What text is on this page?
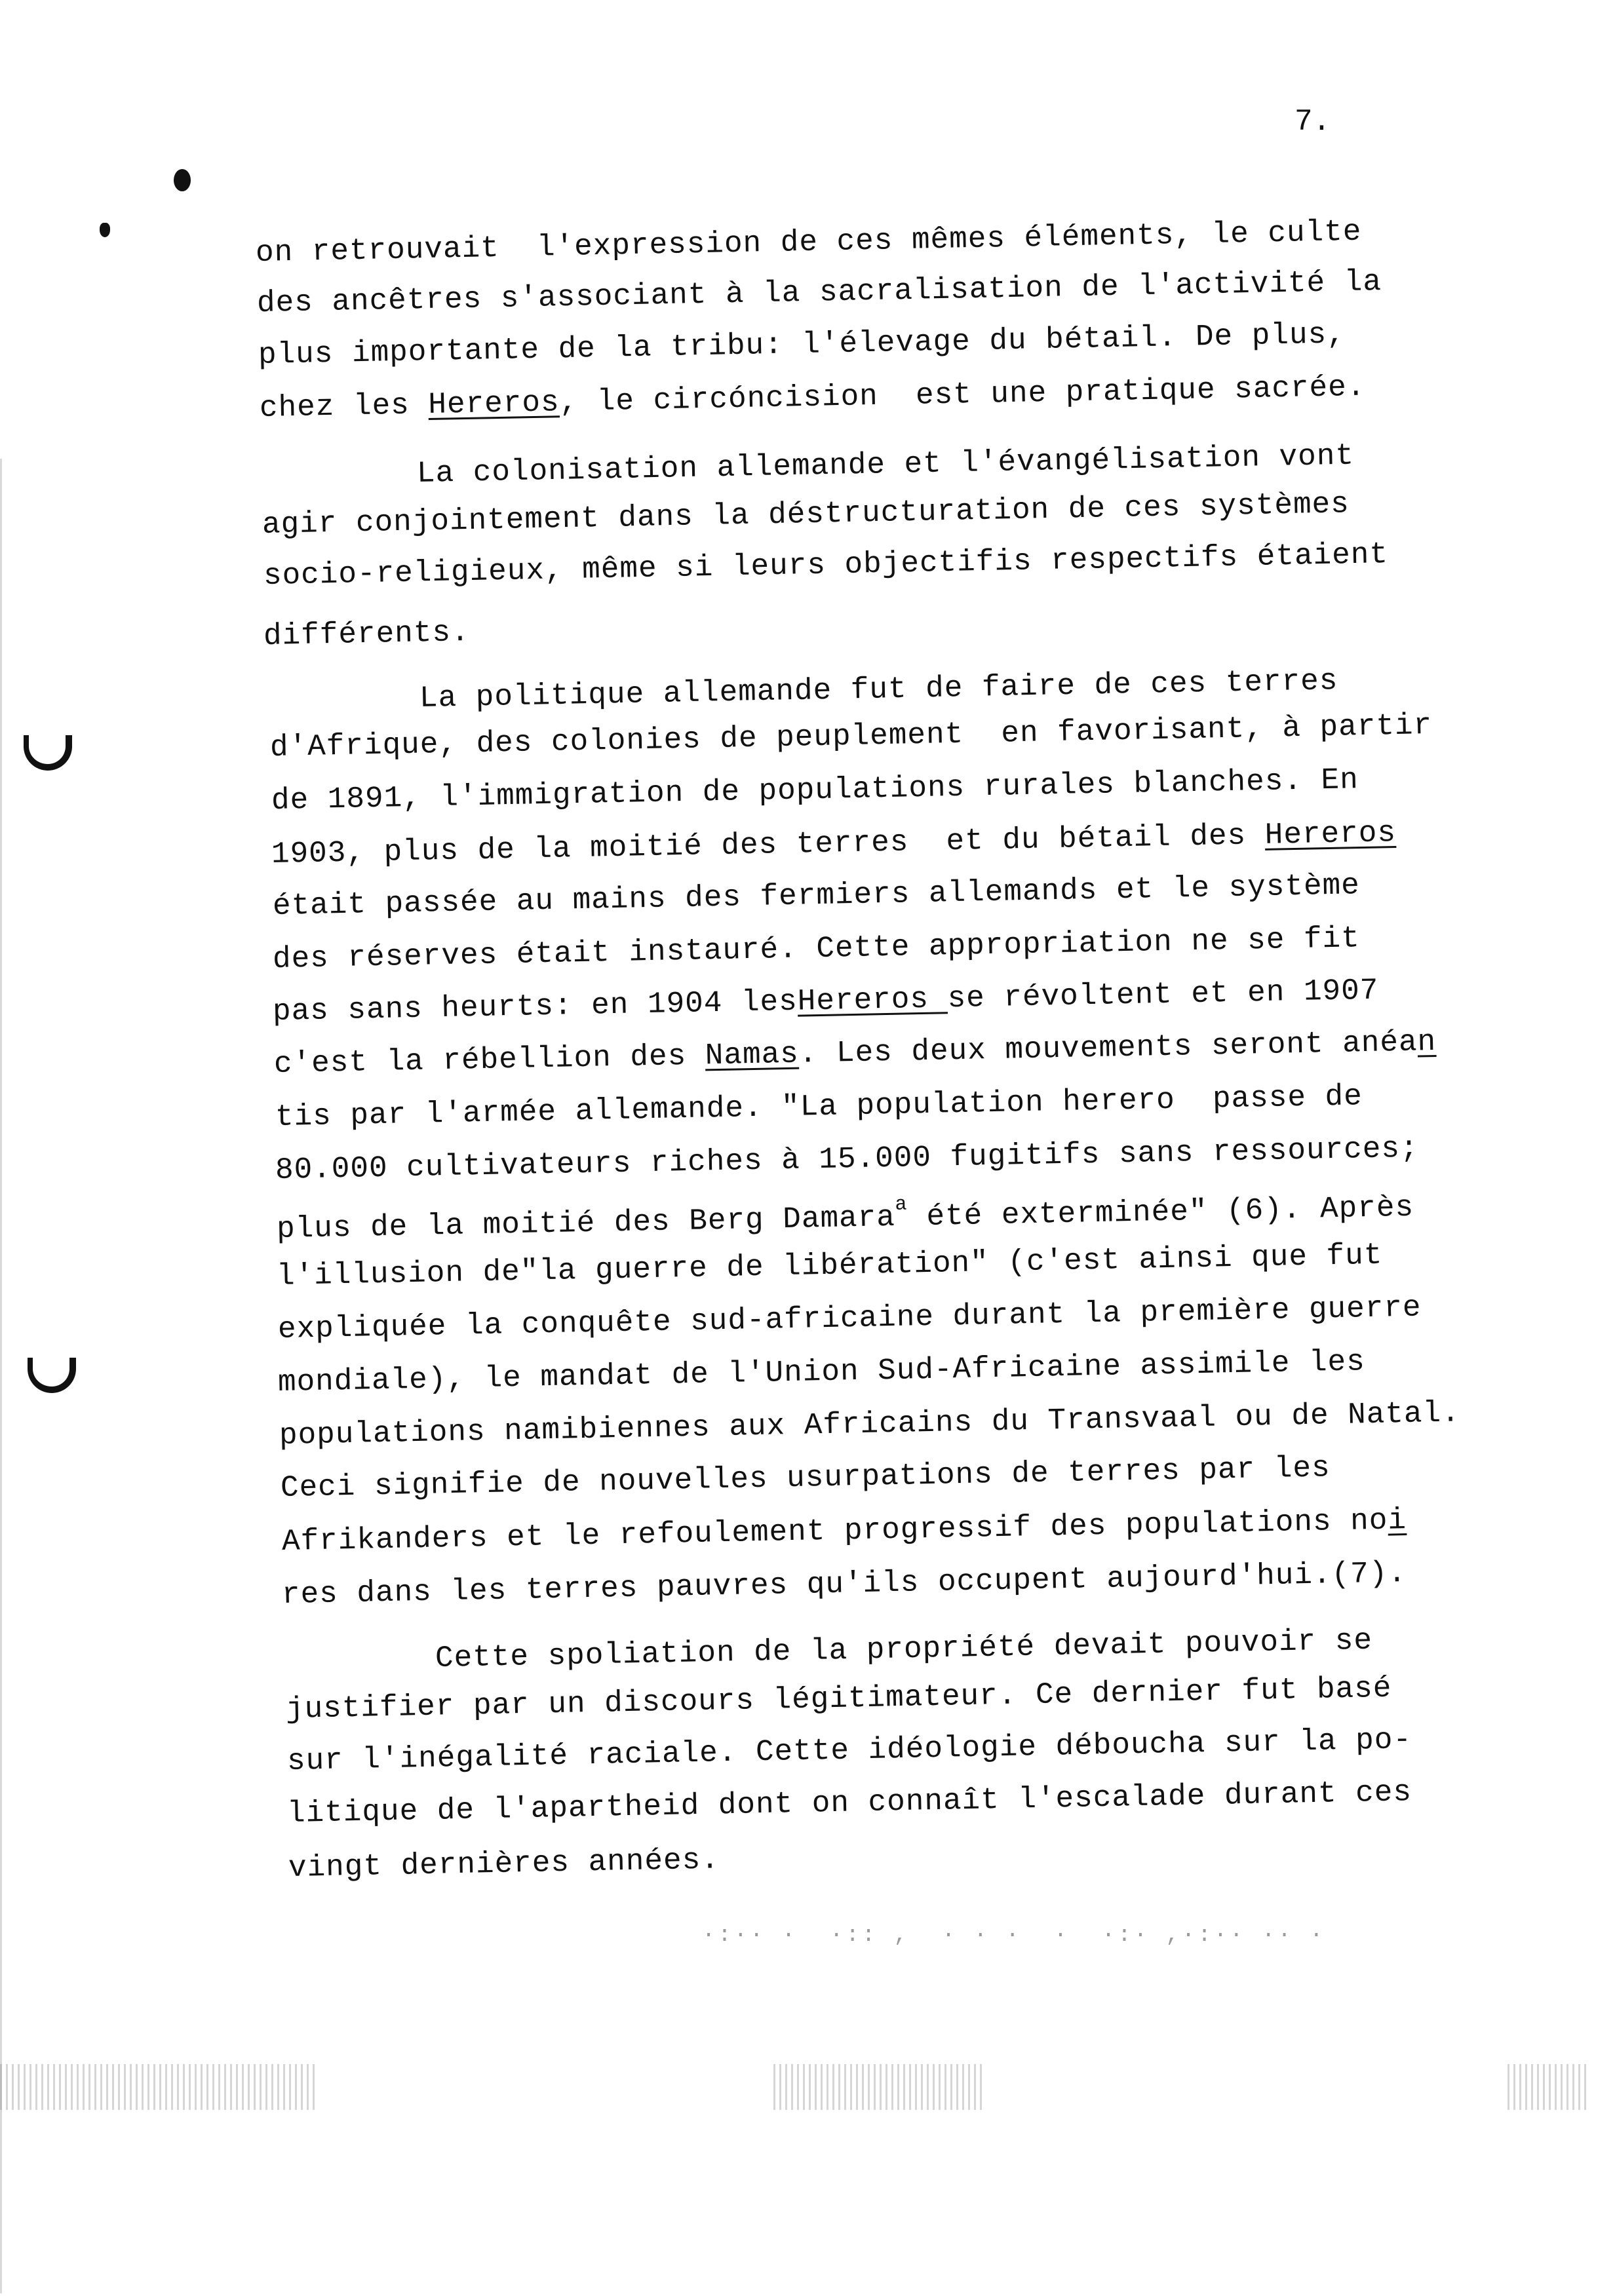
7.
on retrouvait  l'expression de ces mêmes éléments, le culte
des ancêtres s'associant à la sacralisation de l'activité la
plus importante de la tribu: l'élevage du bétail. De plus,
chez les Hereros, le circóncision  est une pratique sacrée.
La colonisation allemande et l'évangélisation vont
agir conjointement dans la déstructuration de ces systèmes
socio-religieux, même si leurs objectifis respectifs étaient
différents.
La politique allemande fut de faire de ces terres
d'Afrique, des colonies de peuplement  en favorisant, à partir
de 1891, l'immigration de populations rurales blanches. En
1903, plus de la moitié des terres  et du bétail des Hereros
était passée au mains des fermiers allemands et le système
des réserves était instauré. Cette appropriation ne se fit
pas sans heurts: en 1904 lesHereros se révoltent et en 1907
c'est la rébellion des Namas. Les deux mouvements seront anéan
tis par l'armée allemande. "La population herero  passe de
80.000 cultivateurs riches à 15.000 fugitifs sans ressources;
plus de la moitié des Berg Damara$^a$ été exterminée" (6). Après
l'illusion de"la guerre de libération" (c'est ainsi que fut
expliquée la conquête sud-africaine durant la première guerre
mondiale), le mandat de l'Union Sud-Africaine assimile les
populations namibiennes aux Africains du Transvaal ou de Natal.
Ceci signifie de nouvelles usurpations de terres par les
Afrikanders et le refoulement progressif des populations noi
res dans les terres pauvres qu'ils occupent aujourd'hui.(7).
Cette spoliation de la propriété devait pouvoir se
justifier par un discours légitimateur. Ce dernier fut basé
sur l'inégalité raciale. Cette idéologie déboucha sur la po-
litique de l'apartheid dont on connaît l'escalade durant ces
vingt dernières années.
·:·· ·  ·:: ,  · · ·  ·  ·:· ,·:·· ·· ·
